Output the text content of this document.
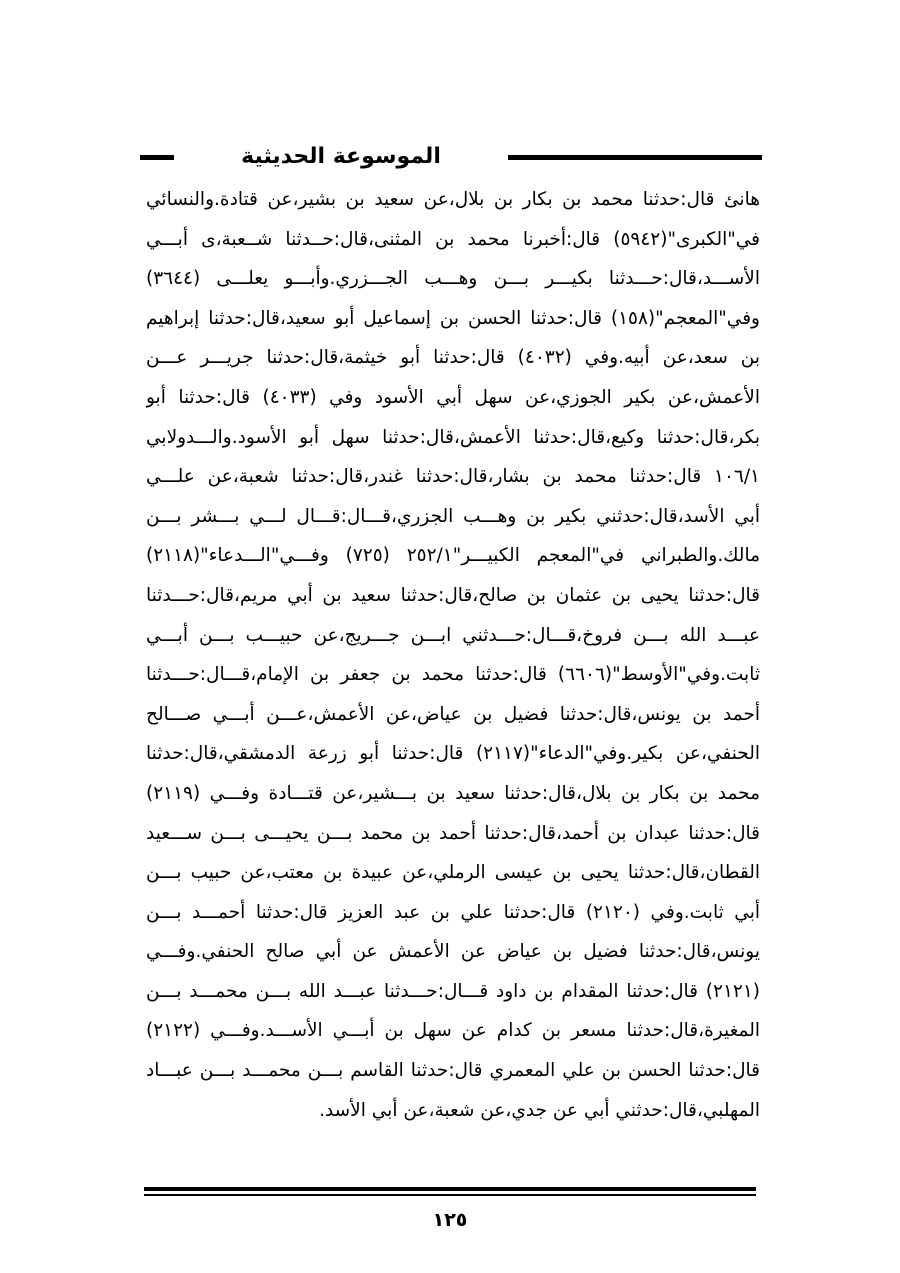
الموسوعة الحديثية
هانئ قال:حدثنا محمد بن بكار بن بلال،عن سعيد بن بشير،عن قتادة.والنسائي
في"الكبرى"(٥٩٤٢) قال:أخبرنا محمد بن المثنى،قال:حــدثنا شــعبة،ى أبـــي
الأســـد،قال:حـــدثنا بكيـــر بـــن وهـــب الجـــزري.وأبـــو يعلـــى (٣٦٤٤)
وفي"المعجم"(١٥٨) قال:حدثنا الحسن بن إسماعيل أبو سعيد،قال:حدثنا إبراهيم
بن سعد،عن أبيه.وفي (٤٠٣٢) قال:حدثنا أبو خيثمة،قال:حدثنا جريـــر عـــن
الأعمش،عن بكير الجوزي،عن سهل أبي الأسود وفي (٤٠٣٣) قال:حدثنا أبو
بكر،قال:حدثنا وكيع،قال:حدثنا الأعمش،قال:حدثنا سهل أبو الأسود.والـــدولابي
١٠٦/١ قال:حدثنا محمد بن بشار،قال:حدثنا غندر،قال:حدثنا شعبة،عن علـــي
أبي الأسد،قال:حدثني بكير بن وهـــب الجزري،قـــال:قـــال لـــي بـــشر بـــن
مالك.والطبراني في"المعجم الكبيـــر"٢٥٢/١ (٧٢٥) وفـــي"الـــدعاء"(٢١١٨)
قال:حدثنا يحيى بن عثمان بن صالح،قال:حدثنا سعيد بن أبي مريم،قال:حـــدثنا
عبـــد الله بـــن فروخ،قـــال:حـــدثني ابـــن جـــريج،عن حبيـــب بـــن أبـــي
ثابت.وفي"الأوسط"(٦٦٠٦) قال:حدثنا محمد بن جعفر بن الإمام،قـــال:حـــدثنا
أحمد بن يونس،قال:حدثنا فضيل بن عياض،عن الأعمش،عـــن أبـــي صـــالح
الحنفي،عن بكير.وفي"الدعاء"(٢١١٧) قال:حدثنا أبو زرعة الدمشقي،قال:حدثنا
محمد بن بكار بن بلال،قال:حدثنا سعيد بن بـــشير،عن قتـــادة وفـــي (٢١١٩)
قال:حدثنا عبدان بن أحمد،قال:حدثنا أحمد بن محمد بـــن يحيـــى بـــن ســـعيد
القطان،قال:حدثنا يحيى بن عيسى الرملي،عن عبيدة بن معتب،عن حبيب بـــن
أبي ثابت.وفي (٢١٢٠) قال:حدثنا علي بن عبد العزيز قال:حدثنا أحمـــد بـــن
يونس،قال:حدثنا فضيل بن عياض عن الأعمش عن أبي صالح الحنفي.وفـــي
(٢١٢١) قال:حدثنا المقدام بن داود قـــال:حـــدثنا عبـــد الله بـــن محمـــد بـــن
المغيرة،قال:حدثنا مسعر بن كدام عن سهل بن أبـــي الأســـد.وفـــي (٢١٢٢)
قال:حدثنا الحسن بن علي المعمري قال:حدثنا القاسم بـــن محمـــد بـــن عبـــاد
المهلبي،قال:حدثني أبي عن جدي،عن شعبة،عن أبي الأسد.
١٢٥
